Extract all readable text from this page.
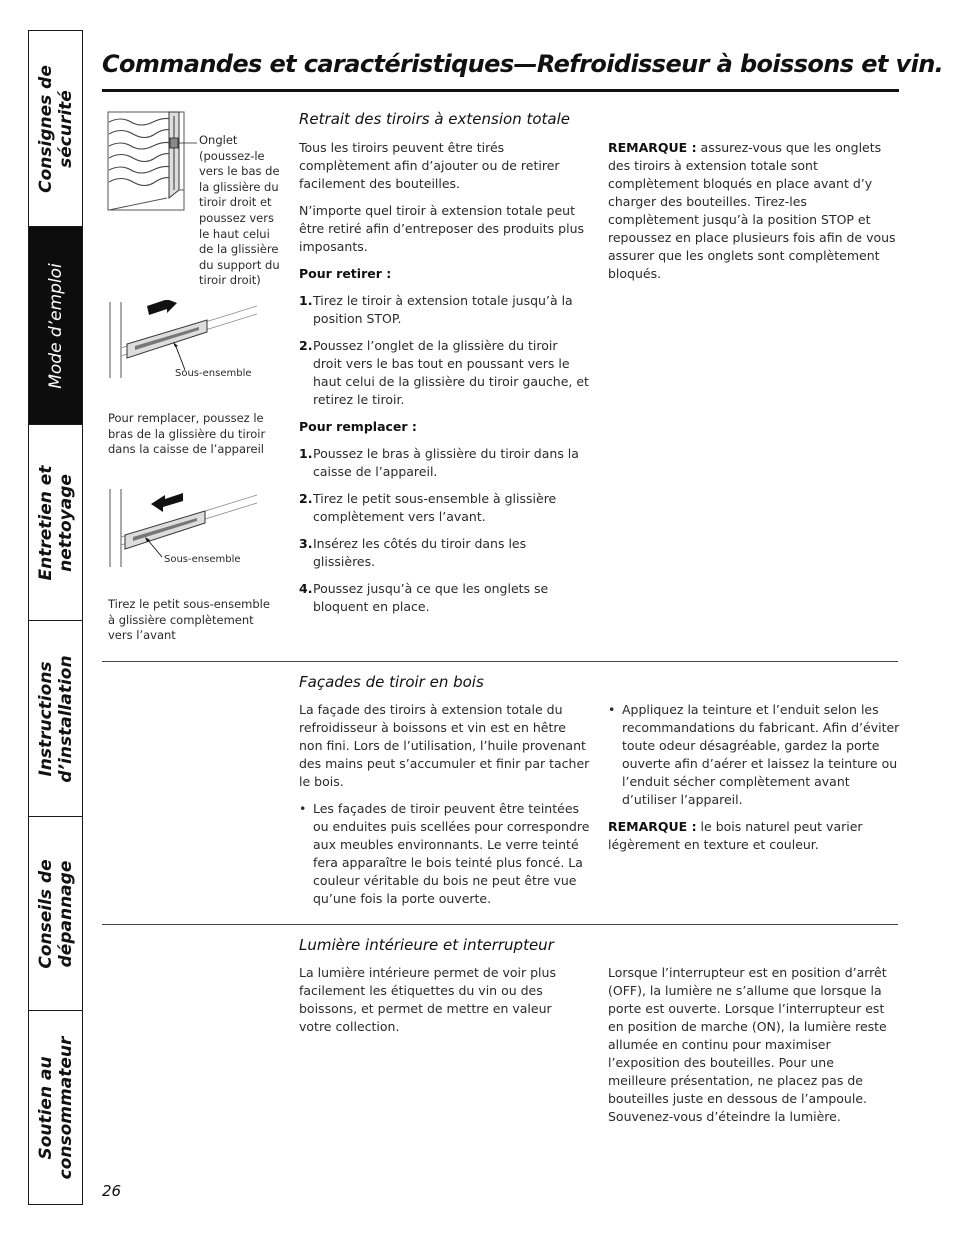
Consignes de sécurité
Mode d’emploi
Entretien et nettoyage
Instructions d’installation
Conseils de dépannage
Soutien au consommateur
Commandes et caractéristiques—Refroidisseur à boissons et vin.
Onglet (poussez-le vers le bas de la glissière du tiroir droit et poussez vers le haut celui de la glissière du support du tiroir droit)
Sous-ensemble
Pour remplacer, poussez le bras de la glissière du tiroir dans la caisse de l’appareil
Sous-ensemble
Tirez le petit sous-ensemble à glissière complètement vers l’avant
Retrait des tiroirs à extension totale

Tous les tiroirs peuvent être tirés complètement afin d’ajouter ou de retirer facilement des bouteilles.

N’importe quel tiroir à extension totale peut être retiré afin d’entreposer des produits plus imposants.

Pour retirer :

1. Tirez le tiroir à extension totale jusqu’à la position STOP.
2. Poussez l’onglet de la glissière du tiroir droit vers le bas tout en poussant vers le haut celui de la glissière du tiroir gauche, et retirez le tiroir.

Pour remplacer :

1. Poussez le bras à glissière du tiroir dans la caisse de l’appareil.
2. Tirez le petit sous-ensemble à glissière complètement vers l’avant.
3. Insérez les côtés du tiroir dans les glissières.
4. Poussez jusqu’à ce que les onglets se bloquent en place.

REMARQUE : assurez-vous que les onglets des tiroirs à extension totale sont complètement bloqués en place avant d’y charger des bouteilles. Tirez-les complètement jusqu’à la position STOP et repoussez en place plusieurs fois afin de vous assurer que les onglets sont complètement bloqués.

Façades de tiroir en bois

La façade des tiroirs à extension totale du refroidisseur à boissons et vin est en hêtre non fini. Lors de l’utilisation, l’huile provenant des mains peut s’accumuler et finir par tacher le bois.

• Les façades de tiroir peuvent être teintées ou enduites puis scellées pour correspondre aux meubles environnants. Le verre teinté fera apparaître le bois teinté plus foncé. La couleur véritable du bois ne peut être vue qu’une fois la porte ouverte.
• Appliquez la teinture et l’enduit selon les recommandations du fabricant. Afin d’éviter toute odeur désagréable, gardez la porte ouverte afin d’aérer et laissez la teinture ou l’enduit sécher complètement avant d’utiliser l’appareil.

REMARQUE : le bois naturel peut varier légèrement en texture et couleur.

Lumière intérieure et interrupteur

La lumière intérieure permet de voir plus facilement les étiquettes du vin ou des boissons, et permet de mettre en valeur votre collection.

Lorsque l’interrupteur est en position d’arrêt (OFF), la lumière ne s’allume que lorsque la porte est ouverte. Lorsque l’interrupteur est en position de marche (ON), la lumière reste allumée en continu pour maximiser l’exposition des bouteilles. Pour une meilleure présentation, ne placez pas de bouteilles juste en dessous de l’ampoule. Souvenez-vous d’éteindre la lumière.

26
